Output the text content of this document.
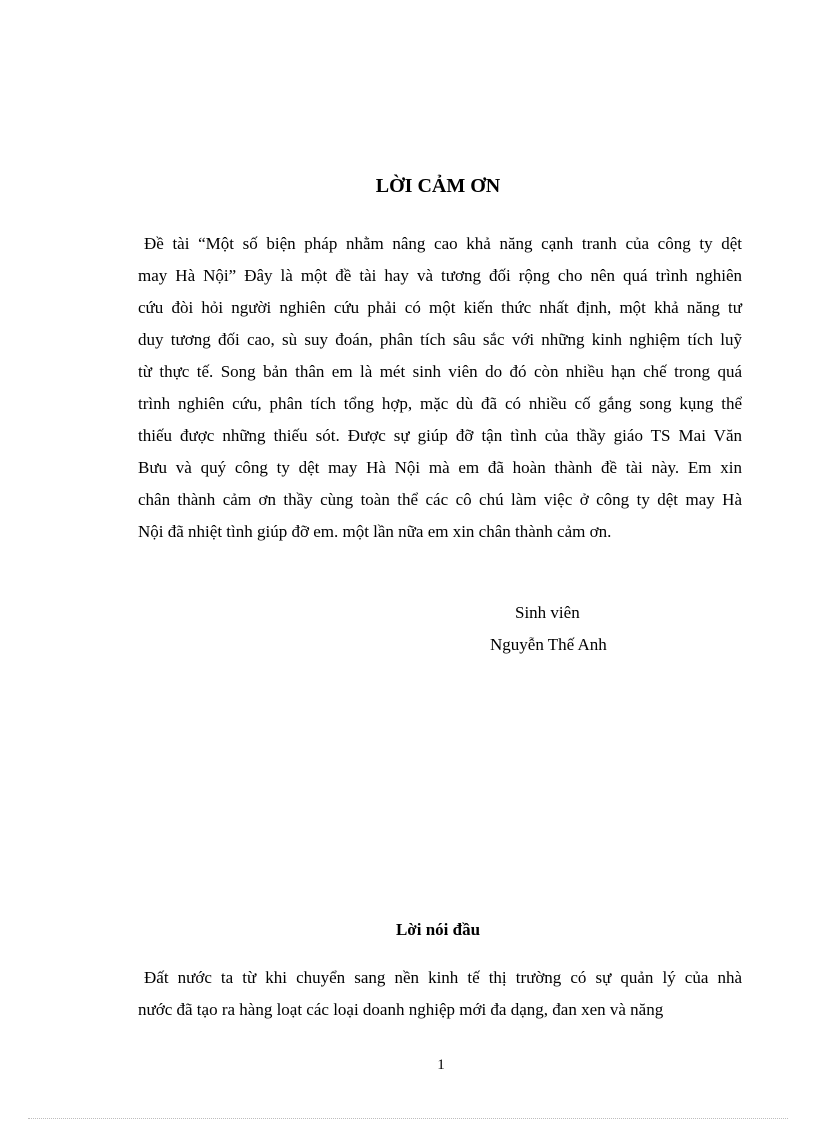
LỜI CẢM ƠN

Đề tài “Một số biện pháp nhằm nâng cao khả năng cạnh tranh của công ty dệt
may Hà Nội” Đây là một đề tài hay và tương đối rộng cho nên quá trình nghiên
cứu đòi hỏi người nghiên cứu phải có một kiến thức nhất định, một khả năng tư
duy tương đối cao, sù suy đoán, phân tích sâu sắc với những kinh nghiệm tích luỹ
từ thực tế. Song bản thân em là mét sinh viên do đó còn nhiều hạn chế trong quá
trình nghiên cứu, phân tích tổng hợp, mặc dù đã có nhiều cố gắng song kụng thể
thiếu được những thiếu sót. Được sự giúp đỡ tận tình của thầy giáo TS Mai Văn
Bưu và quý công ty dệt may Hà Nội mà em đã hoàn thành đề tài này. Em xin
chân thành cảm ơn thầy cùng toàn thể các cô chú làm việc ở công ty dệt may Hà
Nội đã nhiệt tình giúp đỡ em. một lần nữa em xin chân thành cảm ơn.

Sinh viên
Nguyễn Thế Anh
Lời nói đầu

Đất nước ta từ khi chuyển sang nền kinh tế thị trường có sự quản lý của nhà
nước đã tạo ra hàng loạt các loại doanh nghiệp mới đa dạng, đan xen và năng

1
